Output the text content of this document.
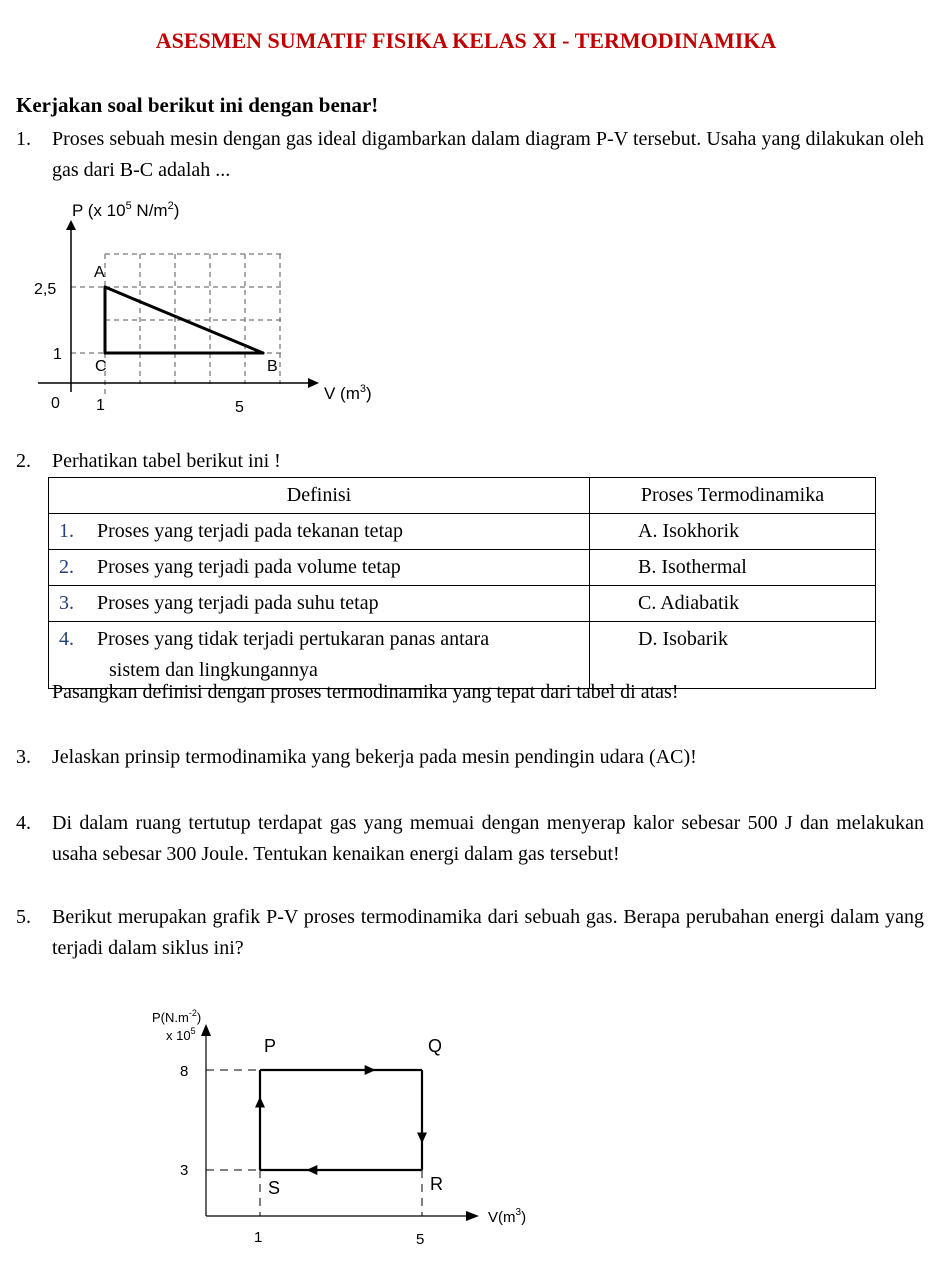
ASESMEN SUMATIF FISIKA KELAS XI - TERMODINAMIKA
Kerjakan soal berikut ini dengan benar!
1. Proses sebuah mesin dengan gas ideal digambarkan dalam diagram P-V tersebut. Usaha yang dilakukan oleh gas dari B-C adalah ...
P (x $10^5$ $N/m^2$)
V $(m^3)$
0
1
2,5
1	5
A
B
C
2. Perhatikan tabel berikut ini !
Definisi	Proses Termodinamika
1. Proses yang terjadi pada tekanan tetap	A. Isokhorik
2. Proses yang terjadi pada volume tetap	B. Isothermal
3. Proses yang terjadi pada suhu tetap	C. Adiabatik
4. Proses yang tidak terjadi pertukaran panas antara
sistem dan lingkungannya	D. Isobarik
Pasangkan definisi dengan proses termodinamika yang tepat dari tabel di atas!
3. Jelaskan prinsip termodinamika yang bekerja pada mesin pendingin udara (AC)!
4. Di dalam ruang tertutup terdapat gas yang memuai dengan menyerap kalor sebesar 500 J dan melakukan usaha sebesar 300 Joule. Tentukan kenaikan energi dalam gas tersebut!
5. Berikut merupakan grafik P-V proses termodinamika dari sebuah gas. Berapa perubahan energi dalam yang terjadi dalam siklus ini?
$P(N.m^{-2})$
x $10^5$
$V(m^3)$
8
3
1	5
P	Q
R
S
